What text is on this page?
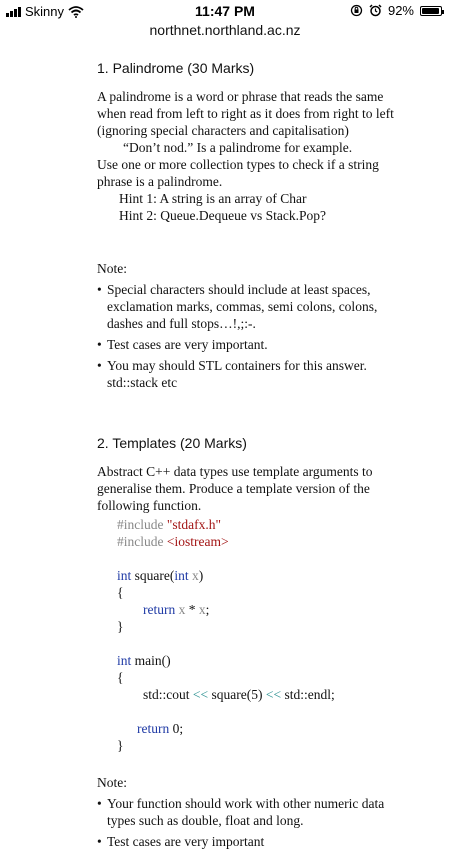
Skinny	11:47 PM	92%
northnet.northland.ac.nz
1. Palindrome (30 Marks)

A palindrome is a word or phrase that reads the same when read from left to right as it does from right to left (ignoring special characters and capitalisation)

“Don’t nod.” Is a palindrome for example.

Use one or more collection types to check if a string phrase is a palindrome.

Hint 1: A string is an array of Char

Hint 2: Queue.Dequeue vs Stack.Pop?

Note:

• Special characters should include at least spaces, exclamation marks, commas, semi colons, colons, dashes and full stops…!,;:-.
• Test cases are very important.
• You may should STL containers for this answer. std::stack etc
2. Templates (20 Marks)

Abstract C++ data types use template arguments to generalise them. Produce a template version of the following function.

#include "stdafx.h"
#include <iostream>
int square(int x)
{
return x * x;
}
int main()
{
std::cout << square(5) << std::endl;
return 0;
}

Note:

• Your function should work with other numeric data types such as double, float and long.
• Test cases are very important
